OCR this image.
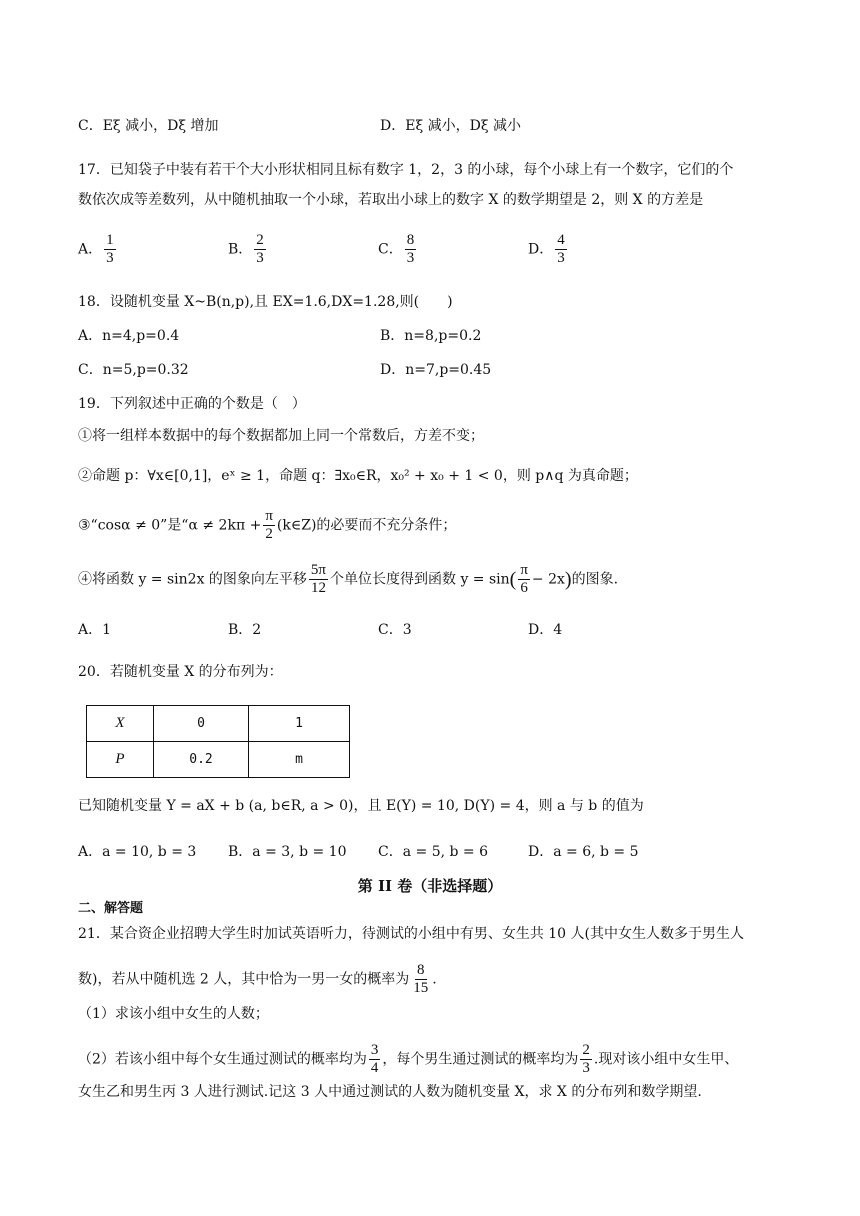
C．Eξ 减小，Dξ 增加	D．Eξ 减小，Dξ 减小
17．已知袋子中装有若干个大小形状相同且标有数字 1，2，3 的小球，每个小球上有一个数字，它们的个
数依次成等差数列，从中随机抽取一个小球，若取出小球上的数字 X 的数学期望是 2，则 X 的方差是
A． $\frac{1}{3}$	B． $\frac{2}{3}$	C． $\frac{8}{3}$	D． $\frac{4}{3}$
18．设随机变量 X~B(n,p),且 EX=1.6,DX=1.28,则(　　)
A．n=4,p=0.4	B．n=8,p=0.2
C．n=5,p=0.32	D．n=7,p=0.45
19．下列叙述中正确的个数是（　）
①将一组样本数据中的每个数据都加上同一个常数后，方差不变；
②命题 p：∀x∈[0,1]，eˣ ≥ 1，命题 q：∃x₀∈R，x₀² + x₀ + 1 < 0，则 p∧q 为真命题；
③“cosα ≠ 0”是“$\alpha \ne 2k\pi + \frac{\pi}{2}$ (k∈Z)的必要而不充分条件；
④将函数 y = sin2x 的图象向左平移 $\frac{5\pi}{12}$ 个单位长度得到函数 $y = \sin( \frac{\pi}{6} - 2x)$的图象.
A．1	B．2	C．3	D．4
20．若随机变量 X 的分布列为：
X	0	1
P	0.2	m
已知随机变量 Y = aX + b (a, b∈R, a > 0)，且 E(Y) = 10, D(Y) = 4，则 a 与 b 的值为
A．a = 10, b = 3 B．a = 3, b = 10 C．a = 5, b = 6	D．a = 6, b = 5
第 II 卷（非选择题）
二、解答题
21．某合资企业招聘大学生时加试英语听力，待测试的小组中有男、女生共 10 人(其中女生人数多于男生人
数)，若从中随机选 2 人，其中恰为一男一女的概率为 $\frac{8}{15}$ .
（1）求该小组中女生的人数；
（2）若该小组中每个女生通过测试的概率均为 $\frac{3}{4}$ ，每个男生通过测试的概率均为 $\frac{2}{3}$ .现对该小组中女生甲、
女生乙和男生丙 3 人进行测试.记这 3 人中通过测试的人数为随机变量 X，求 X 的分布列和数学期望.
